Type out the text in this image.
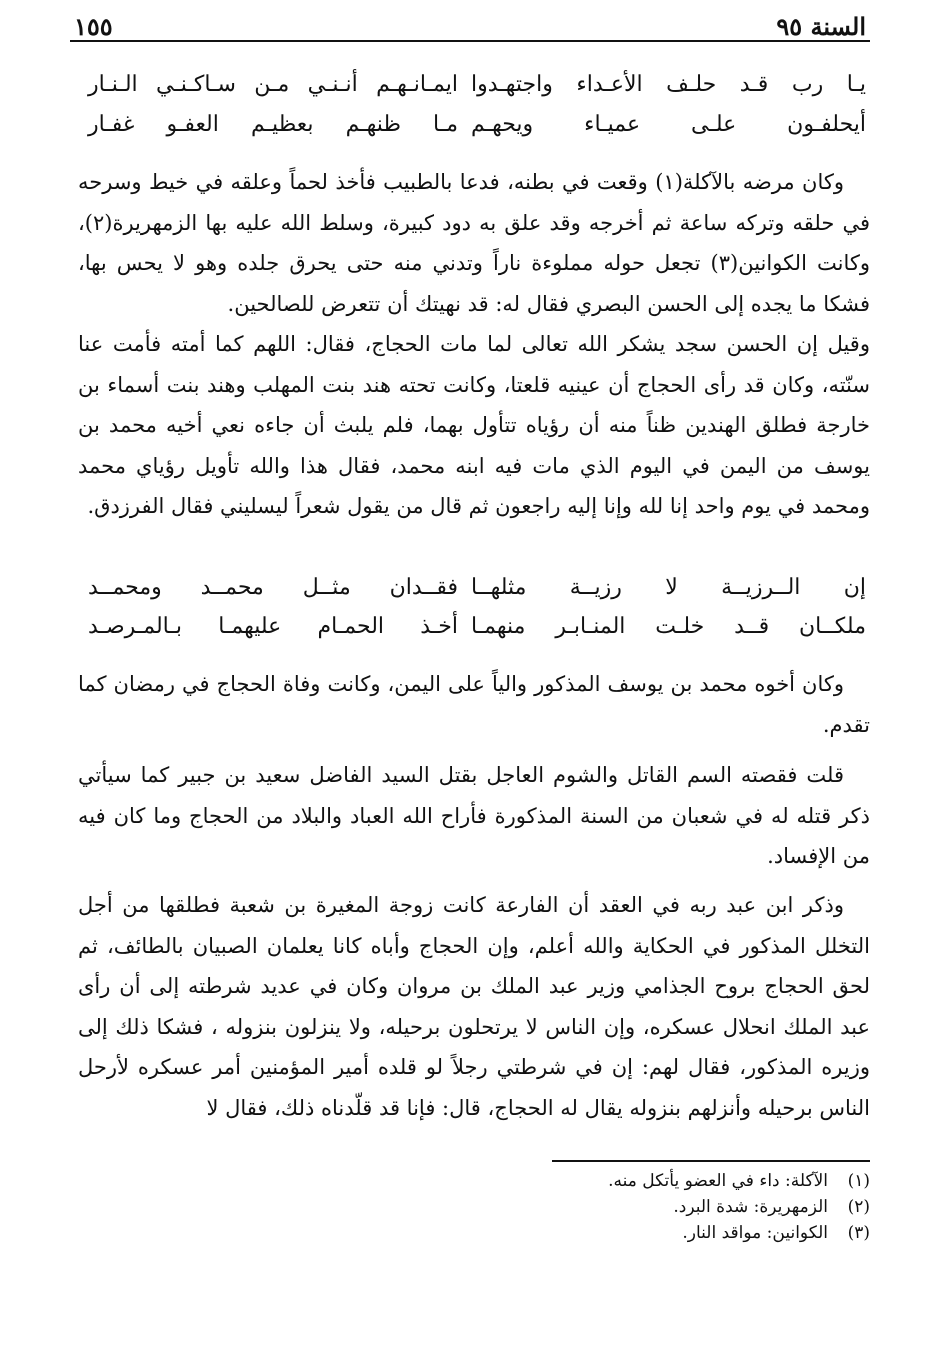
السنة ٩٥
١٥٥
يـا رب قـد حلـف الأعـداء واجتهـدوا
ايمـانـهـم أنـنـي مـن سـاكـنـي الـنـار
أيحلفـون علـى عميـاء ويحهـم
مـا ظنهـم بعظيـم العفـو غفـار

وكان مرضه بالآكلة(١) وقعت في بطنه، فدعا بالطبيب فأخذ لحماً وعلقه في خيط وسرحه في حلقه وتركه ساعة ثم أخرجه وقد علق به دود كبيرة، وسلط الله عليه بها الزمهريرة(٢)، وكانت الكوانين(٣) تجعل حوله مملوءة ناراً وتدني منه حتى يحرق جلده وهو لا يحس بها، فشكا ما يجده إلى الحسن البصري فقال له: قد نهيتك أن تتعرض للصالحين.

وقيل إن الحسن سجد يشكر الله تعالى لما مات الحجاج، فقال: اللهم كما أمته فأمت عنا سنّته، وكان قد رأى الحجاج أن عينيه قلعتا، وكانت تحته هند بنت المهلب وهند بنت أسماء بن خارجة فطلق الهندين ظناً منه أن رؤياه تتأول بهما، فلم يلبث أن جاءه نعي أخيه محمد بن يوسف من اليمن في اليوم الذي مات فيه ابنه محمد، فقال هذا والله تأويل رؤياي محمد ومحمد في يوم واحد إنا لله وإنا إليه راجعون ثم قال من يقول شعراً ليسليني فقال الفرزدق.

إن الــرزيــة لا رزيــة مثلهــا
فقــدان مثــل محمــد ومحمــد
ملكــان قــد خلـت المنـابـر منهمـا
أخـذ الحمـام عليهمـا بـالمـرصـد

وكان أخوه محمد بن يوسف المذكور والياً على اليمن، وكانت وفاة الحجاج في رمضان كما تقدم.

قلت فقصته السم القاتل والشوم العاجل بقتل السيد الفاضل سعيد بن جبير كما سيأتي ذكر قتله له في شعبان من السنة المذكورة فأراح الله العباد والبلاد من الحجاج وما كان فيه من الإفساد.

وذكر ابن عبد ربه في العقد أن الفارعة كانت زوجة المغيرة بن شعبة فطلقها من أجل التخلل المذكور في الحكاية والله أعلم، وإن الحجاج وأباه كانا يعلمان الصبيان بالطائف، ثم لحق الحجاج بروح الجذامي وزير عبد الملك بن مروان وكان في عديد شرطته إلى أن رأى عبد الملك انحلال عسكره، وإن الناس لا يرتحلون برحيله، ولا ينزلون بنزوله ، فشكا ذلك إلى وزيره المذكور، فقال لهم: إن في شرطتي رجلاً لو قلده أمير المؤمنين أمر عسكره لأرحل الناس برحيله وأنزلهم بنزوله يقال له الحجاج، قال: فإنا قد قلّدناه ذلك، فقال لا

(١)الآكلة: داء في العضو يأتكل منه.
(٢)الزمهريرة: شدة البرد.
(٣)الكوانين: مواقد النار.
